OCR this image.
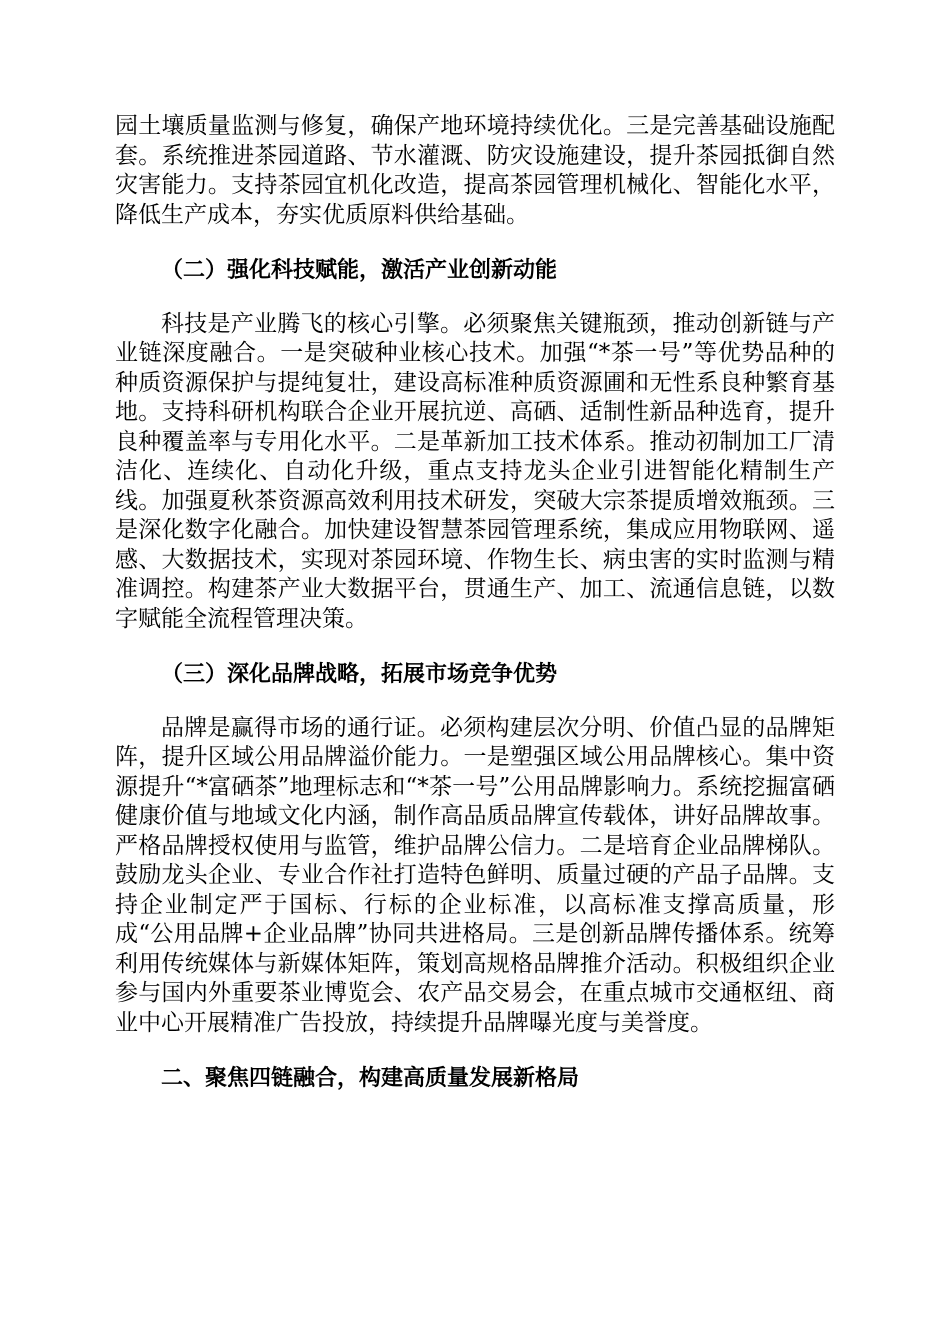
园土壤质量监测与修复，确保产地环境持续优化。三是完善基础设施配套。系统推进茶园道路、节水灌溉、防灾设施建设，提升茶园抵御自然灾害能力。支持茶园宜机化改造，提高茶园管理机械化、智能化水平，降低生产成本，夯实优质原料供给基础。

（二）强化科技赋能，激活产业创新动能

科技是产业腾飞的核心引擎。必须聚焦关键瓶颈，推动创新链与产业链深度融合。一是突破种业核心技术。加强“*茶一号”等优势品种的种质资源保护与提纯复壮，建设高标准种质资源圃和无性系良种繁育基地。支持科研机构联合企业开展抗逆、高硒、适制性新品种选育，提升良种覆盖率与专用化水平。二是革新加工技术体系。推动初制加工厂清洁化、连续化、自动化升级，重点支持龙头企业引进智能化精制生产线。加强夏秋茶资源高效利用技术研发，突破大宗茶提质增效瓶颈。三是深化数字化融合。加快建设智慧茶园管理系统，集成应用物联网、遥感、大数据技术，实现对茶园环境、作物生长、病虫害的实时监测与精准调控。构建茶产业大数据平台，贯通生产、加工、流通信息链，以数字赋能全流程管理决策。

（三）深化品牌战略，拓展市场竞争优势

品牌是赢得市场的通行证。必须构建层次分明、价值凸显的品牌矩阵，提升区域公用品牌溢价能力。一是塑强区域公用品牌核心。集中资源提升“*富硒茶”地理标志和“*茶一号”公用品牌影响力。系统挖掘富硒健康价值与地域文化内涵，制作高品质品牌宣传载体，讲好品牌故事。严格品牌授权使用与监管，维护品牌公信力。二是培育企业品牌梯队。鼓励龙头企业、专业合作社打造特色鲜明、质量过硬的产品子品牌。支持企业制定严于国标、行标的企业标准，以高标准支撑高质量，形成“公用品牌+企业品牌”协同共进格局。三是创新品牌传播体系。统筹利用传统媒体与新媒体矩阵，策划高规格品牌推介活动。积极组织企业参与国内外重要茶业博览会、农产品交易会，在重点城市交通枢纽、商业中心开展精准广告投放，持续提升品牌曝光度与美誉度。

二、聚焦四链融合，构建高质量发展新格局
